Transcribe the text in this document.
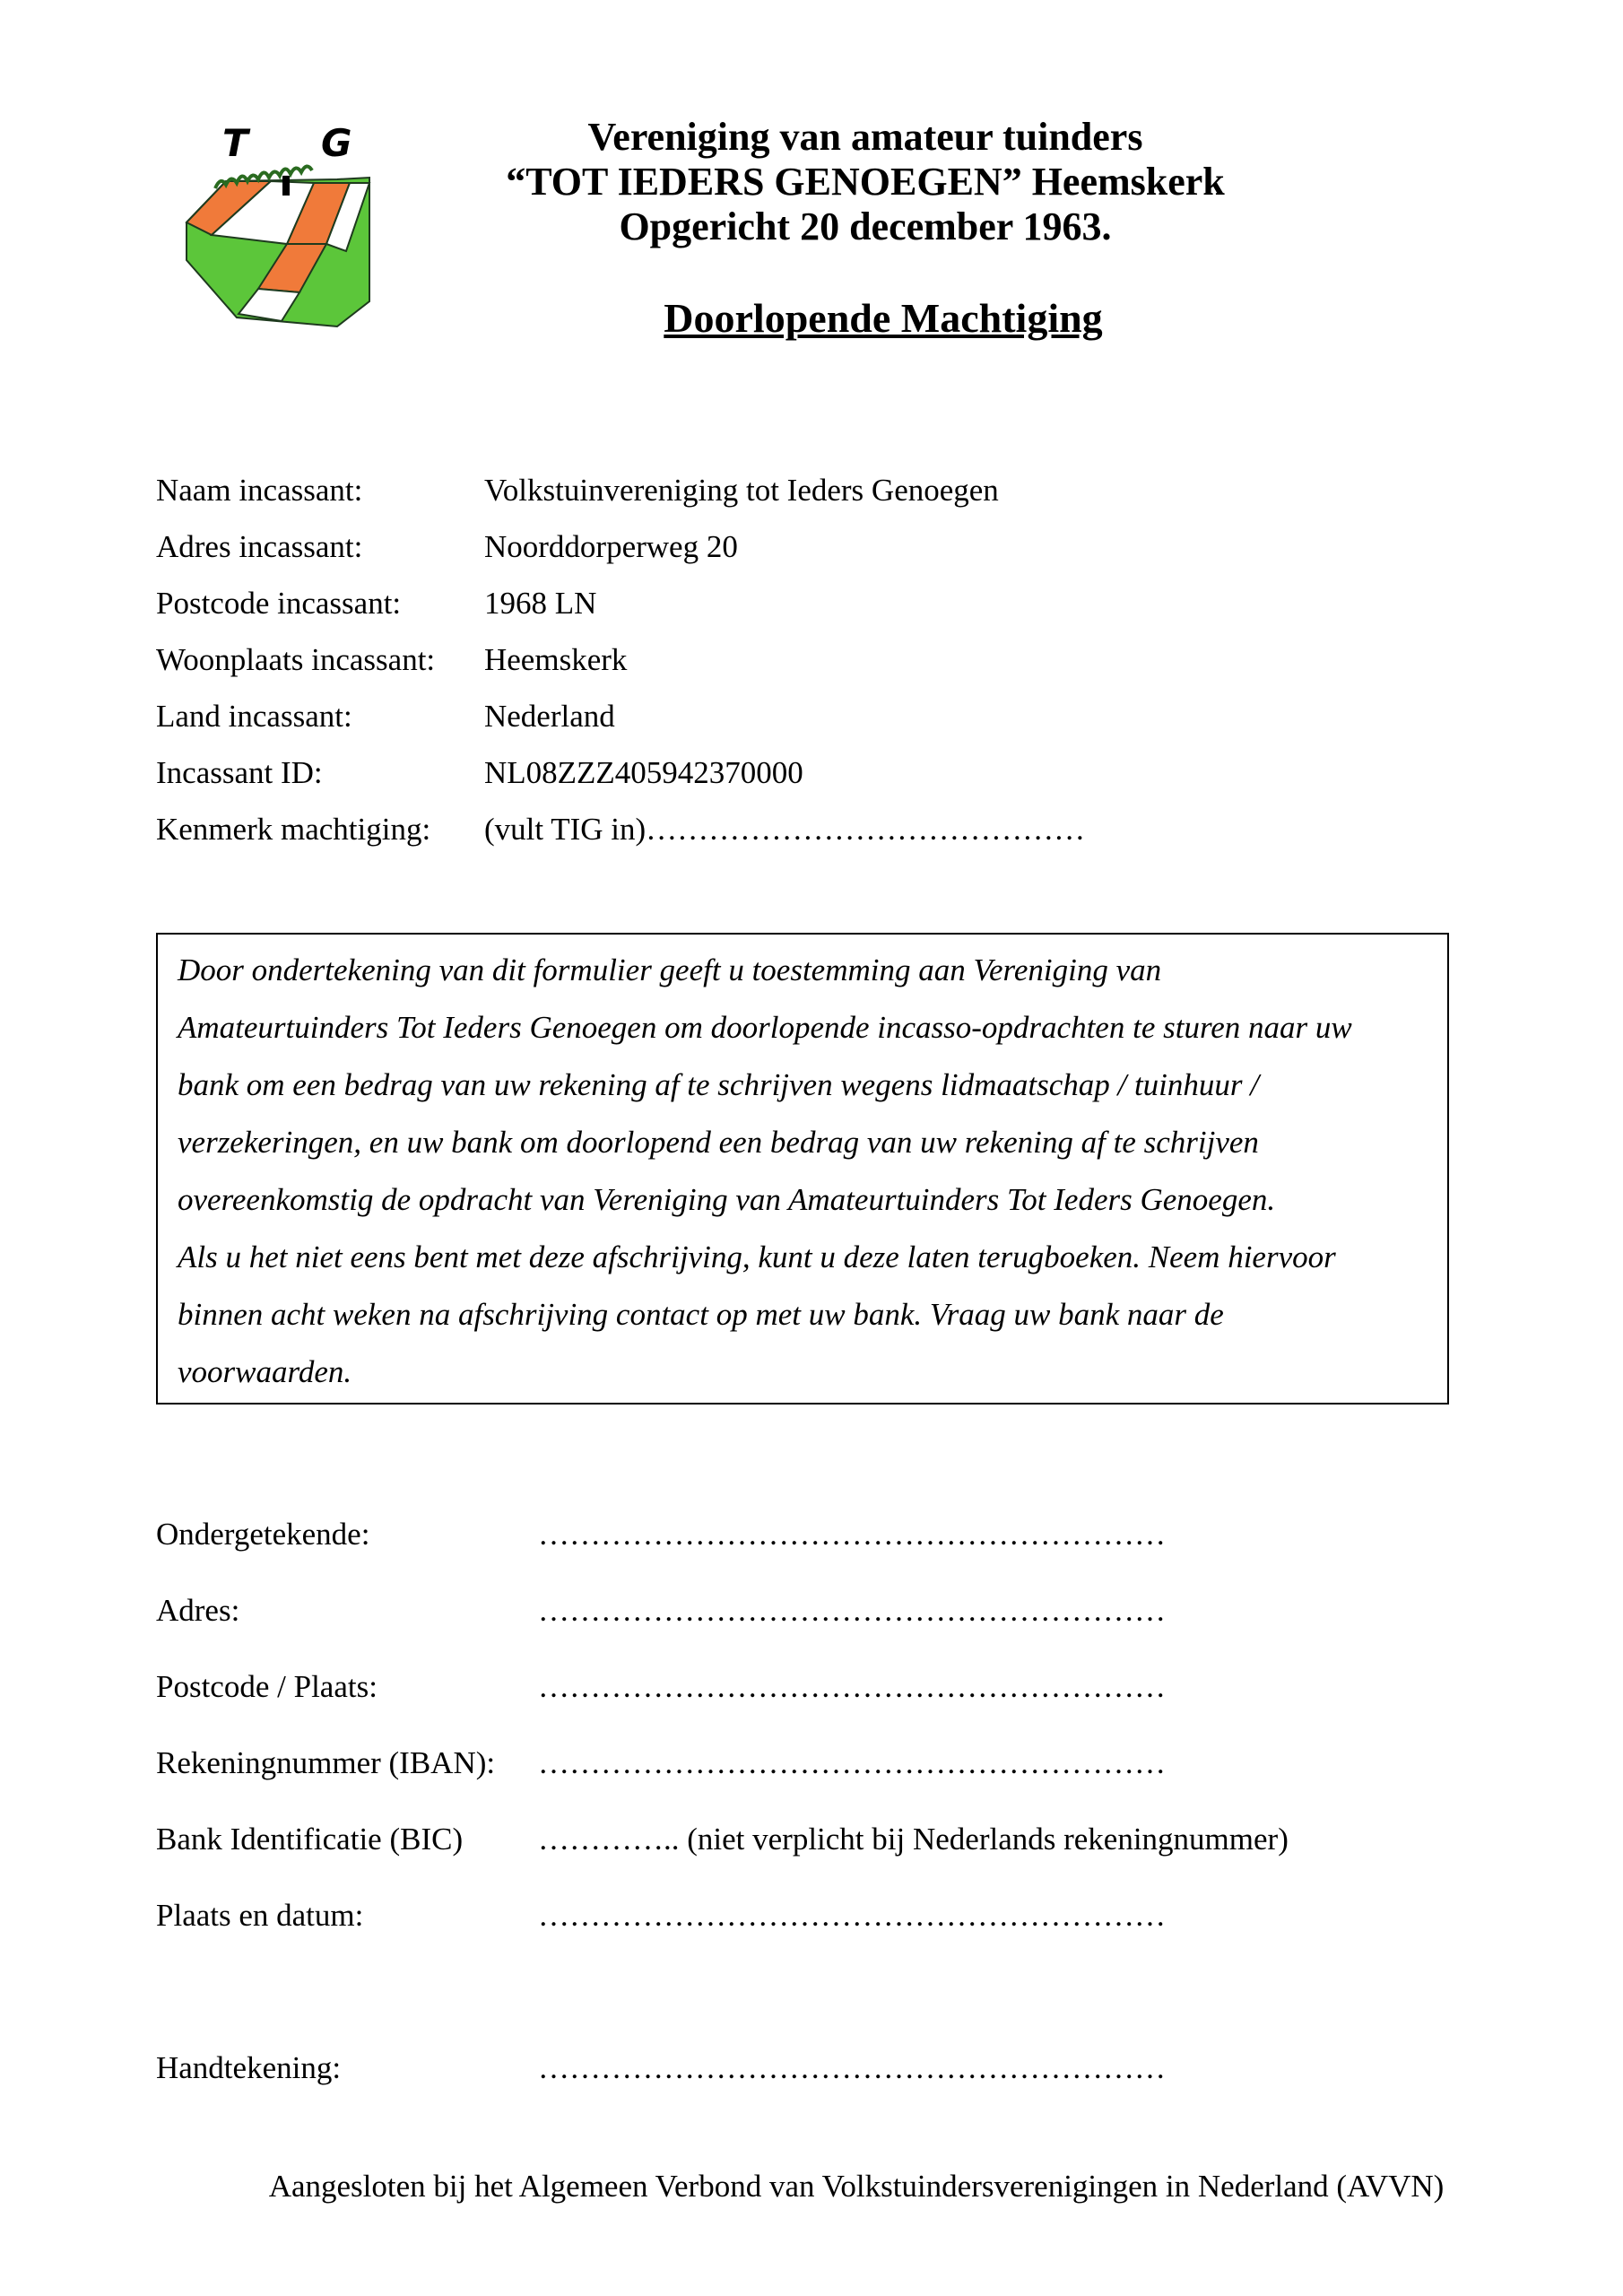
T G	Vereniging van amateur tuinders
“TOT IEDERS GENOEGEN” Heemskerk
Opgericht 20 december 1963.
Doorlopende Machtiging
Naam incassant:	Volkstuinvereniging tot Ieders Genoegen
Adres incassant:	Noorddorperweg 20
Postcode incassant:	1968 LN
Woonplaats incassant: Heemskerk
Land incassant:	Nederland
Incassant ID:	NL08ZZZ405942370000
Kenmerk machtiging: (vult TIG in)……………………………………
Door ondertekening van dit formulier geeft u toestemming aan Vereniging van
Amateurtuinders Tot Ieders Genoegen om doorlopende incasso-opdrachten te sturen naar uw
bank om een bedrag van uw rekening af te schrijven wegens lidmaatschap / tuinhuur /
verzekeringen, en uw bank om doorlopend een bedrag van uw rekening af te schrijven
overeenkomstig de opdracht van Vereniging van Amateurtuinders Tot Ieders Genoegen.
Als u het niet eens bent met deze afschrijving, kunt u deze laten terugboeken. Neem hiervoor
binnen acht weken na afschrijving contact op met uw bank. Vraag uw bank naar de
voorwaarden.
Ondergetekende:	……………………………………………………
Adres:	……………………………………………………
Postcode / Plaats:	……………………………………………………
Rekeningnummer (IBAN): ……………………………………………………
Bank Identificatie (BIC) ………….. (niet verplicht bij Nederlands rekeningnummer)
Plaats en datum:	……………………………………………………
Handtekening:	……………………………………………………
Aangesloten bij het Algemeen Verbond van Volkstuindersverenigingen in Nederland (AVVN)
